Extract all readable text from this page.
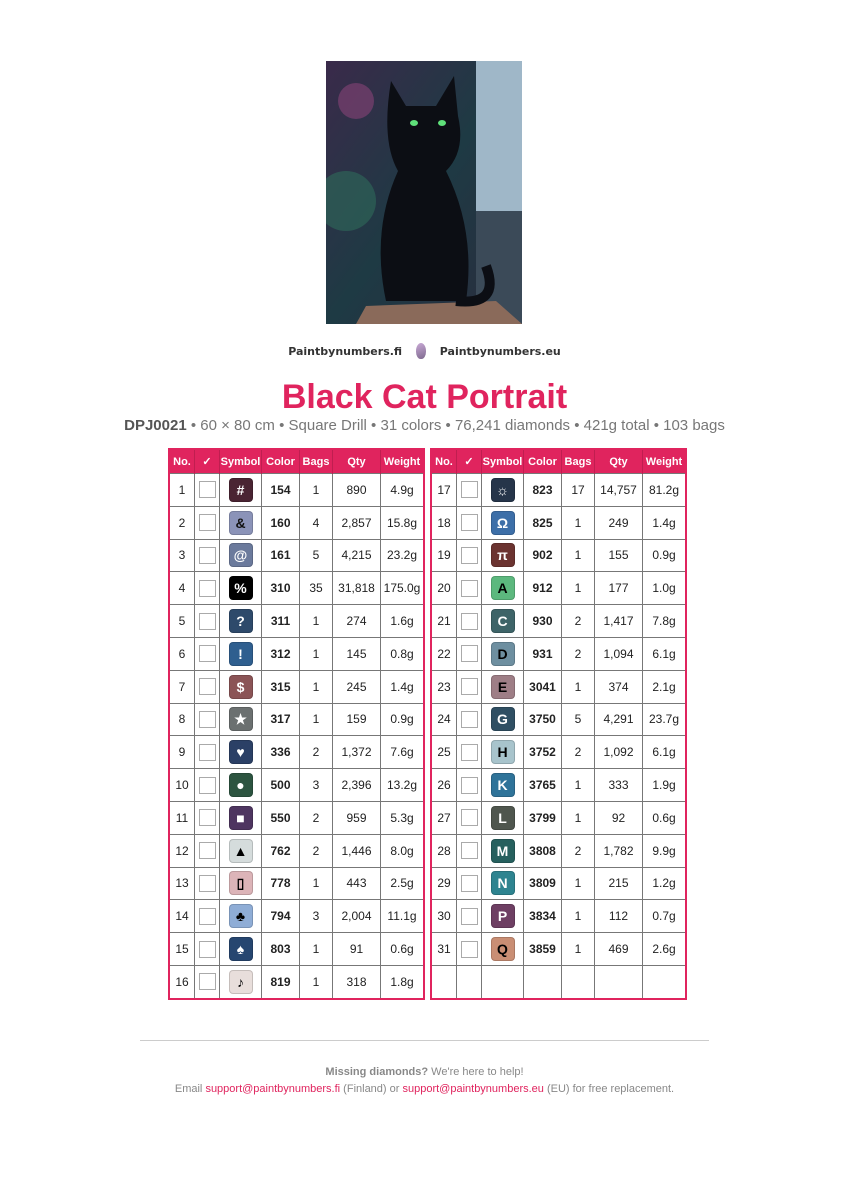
Paintbynumbers.fi	Paintbynumbers.eu
Black Cat Portrait
DPJ0021 • 60 × 80 cm • Square Drill • 31 colors • 76,241 diamonds • 421g total • 103 bags
No.	✓	Symbol	Color	Bags	Qty	Weight
1		#	154	1	890	4.9g
2		&	160	4	2,857	15.8g
3		@	161	5	4,215	23.2g
4		%	310	35	31,818	175.0g
5		?	311	1	274	1.6g
6		!	312	1	145	0.8g
7		$	315	1	245	1.4g
8		★	317	1	159	0.9g
9		♥	336	2	1,372	7.6g
10		●	500	3	2,396	13.2g
11		■	550	2	959	5.3g
12		▲	762	2	1,446	8.0g
13		▯	778	1	443	2.5g
14		♣	794	3	2,004	11.1g
15		♠	803	1	91	0.6g
16		♪	819	1	318	1.8g
No.	✓	Symbol	Color	Bags	Qty	Weight
17		☼	823	17	14,757	81.2g
18		Ω	825	1	249	1.4g
19		π	902	1	155	0.9g
20		A	912	1	177	1.0g
21		C	930	2	1,417	7.8g
22		D	931	2	1,094	6.1g
23		E	3041	1	374	2.1g
24		G	3750	5	4,291	23.7g
25		H	3752	2	1,092	6.1g
26		K	3765	1	333	1.9g
27		L	3799	1	92	0.6g
28		M	3808	2	1,782	9.9g
29		N	3809	1	215	1.2g
30		P	3834	1	112	0.7g
31		Q	3859	1	469	2.6g

Missing diamonds? We're here to help!
Email support@paintbynumbers.fi (Finland) or support@paintbynumbers.eu (EU) for free replacement.
